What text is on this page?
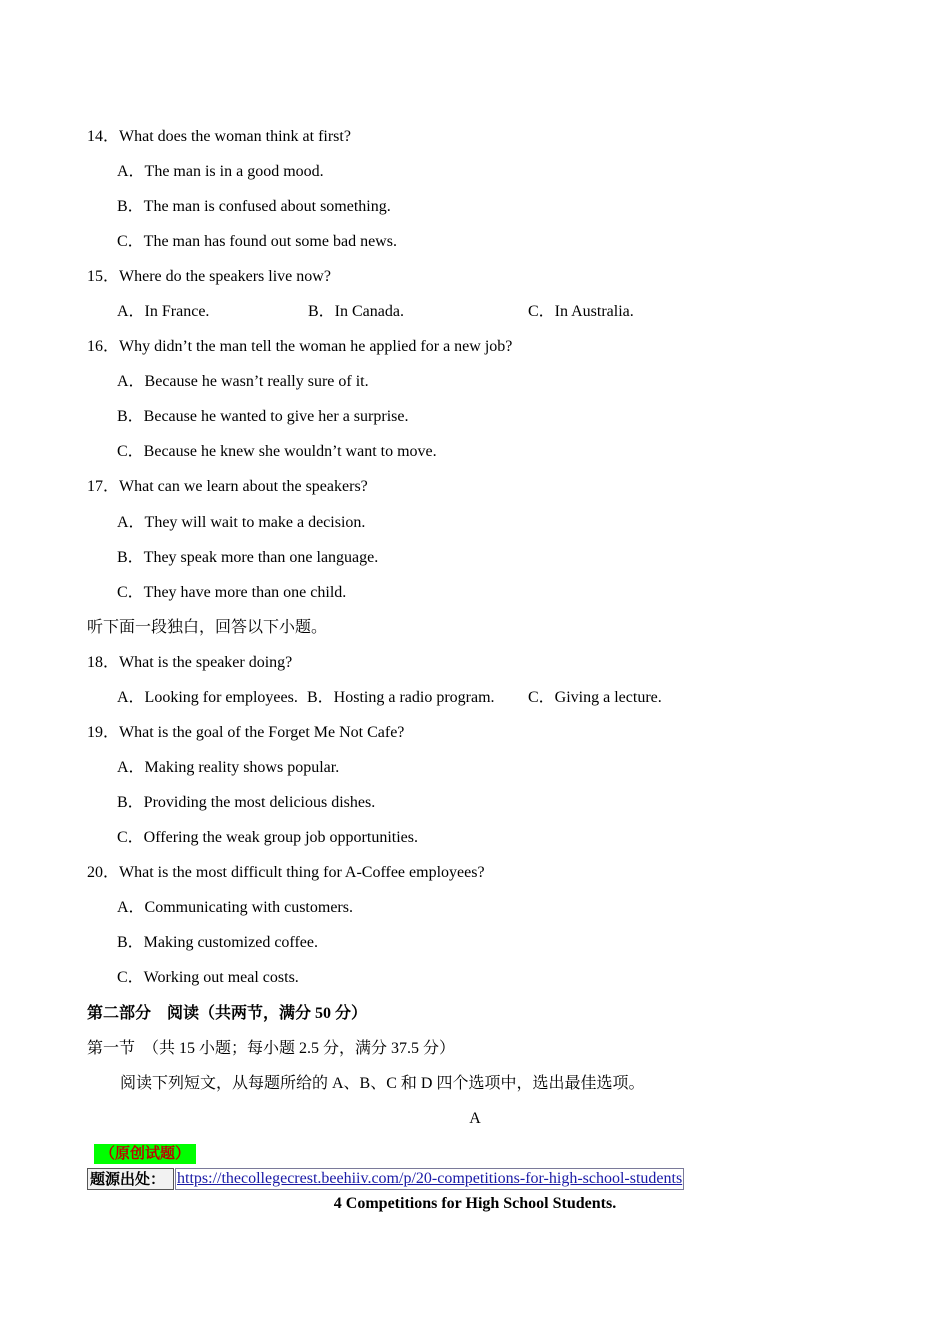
14．What does the woman think at first?
A．The man is in a good mood.
B．The man is confused about something.
C．The man has found out some bad news.
15．Where do the speakers live now?
A．In France.	B．In Canada.	C．In Australia.
16．Why didn’t the man tell the woman he applied for a new job?
A．Because he wasn’t really sure of it.
B．Because he wanted to give her a surprise.
C．Because he knew she wouldn’t want to move.
17．What can we learn about the speakers?
A．They will wait to make a decision.
B．They speak more than one language.
C．They have more than one child.
听下面一段独白，回答以下小题。
18．What is the speaker doing?
A．Looking for employees. B．Hosting a radio program. C．Giving a lecture.
19．What is the goal of the Forget Me Not Cafe?
A．Making reality shows popular.
B．Providing the most delicious dishes.
C．Offering the weak group job opportunities.
20．What is the most difficult thing for A-Coffee employees?
A．Communicating with customers.
B．Making customized coffee.
C．Working out meal costs.
第二部分　阅读（共两节，满分 50 分）
第一节　（共 15 小题；每小题 2.5 分，满分 37.5 分）
阅读下列短文，从每题所给的 A、B、C 和 D 四个选项中，选出最佳选项。
A
（原创试题）
题源出处： https://thecollegecrest.beehiiv.com/p/20-competitions-for-high-school-students
4 Competitions for High School Students.
